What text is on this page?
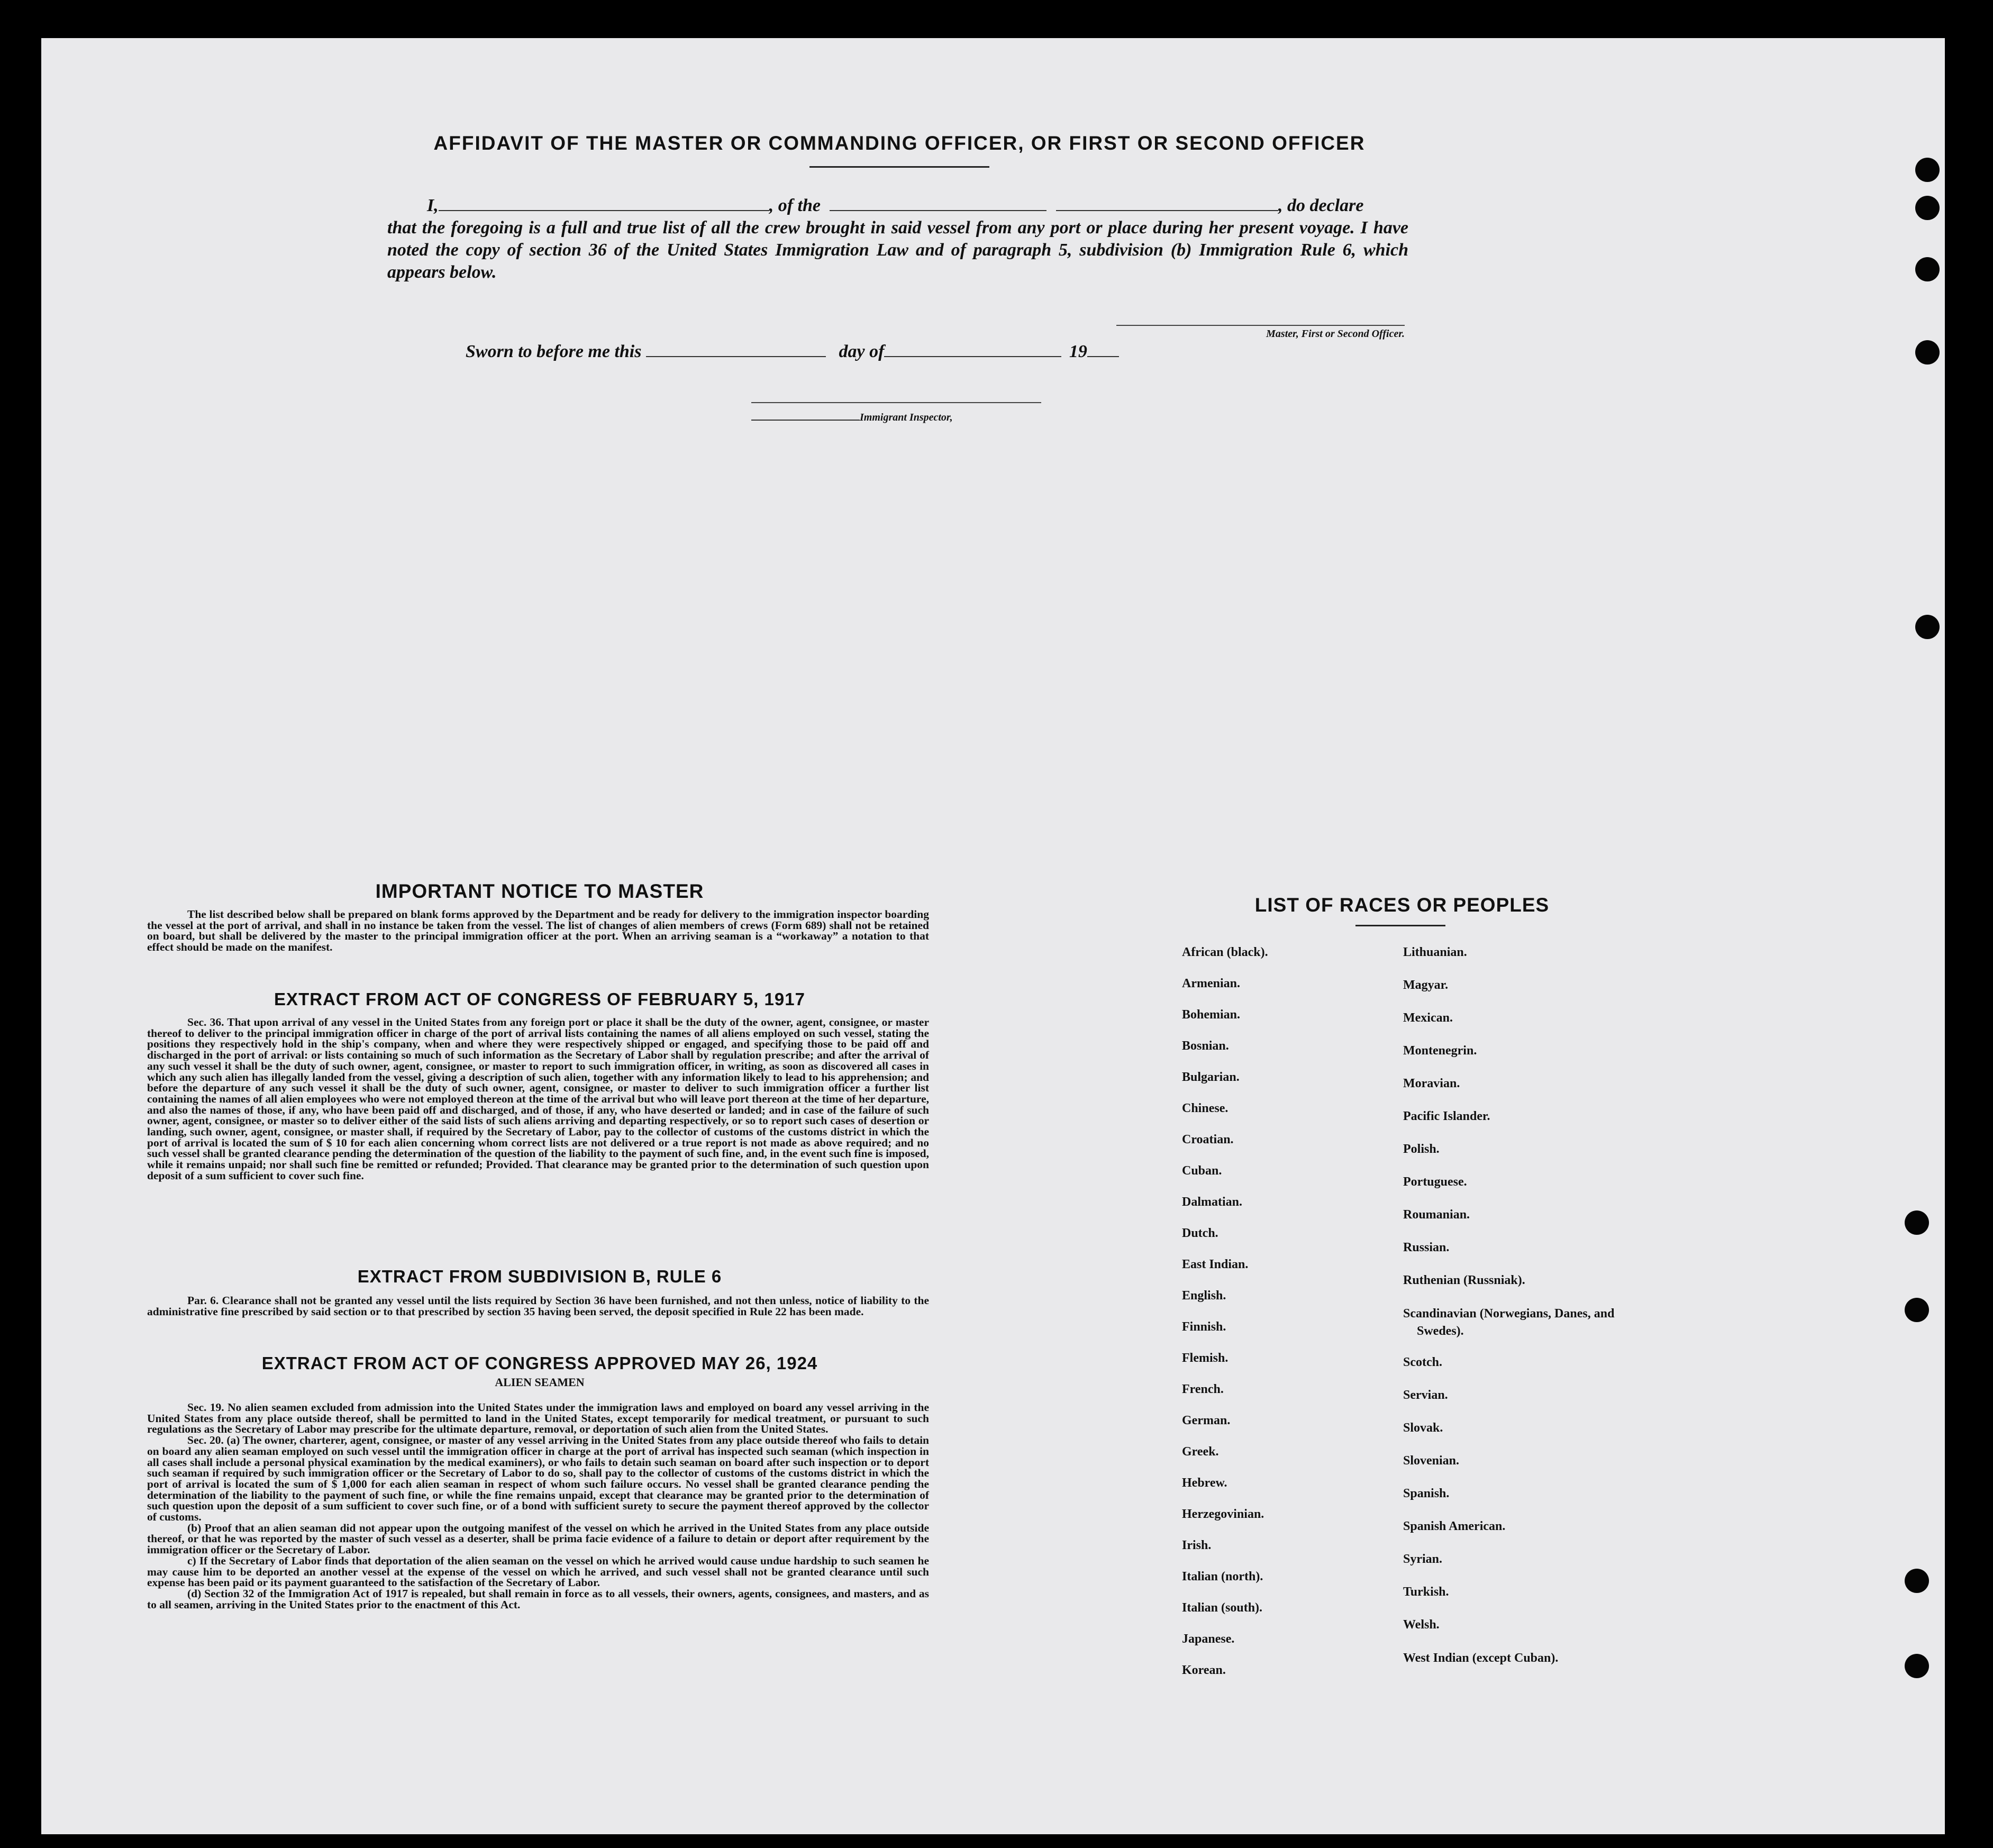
AFFIDAVIT OF THE MASTER OR COMMANDING OFFICER, OR FIRST OR SECOND OFFICER
I,	, of the	, do declare
that the foregoing is a full and true list of all the crew brought in said vessel from any port or place during her present voyage. I have noted the copy of section 36 of the United States Immigration Law and of paragraph 5, subdivision (b) Immigration Rule 6, which appears below.
Master, First or Second Officer.
Sworn to before me this	day of	19
Immigrant Inspector,
IMPORTANT NOTICE TO MASTER
The list described below shall be prepared on blank forms approved by the Department and be ready for delivery to the immigration inspector boarding the vessel at the port of arrival, and shall in no instance be taken from the vessel. The list of changes of alien members of crews (Form 689) shall not be retained on board, but shall be delivered by the master to the principal immigration officer at the port. When an arriving seaman is a “workaway” a notation to that effect should be made on the manifest.
EXTRACT FROM ACT OF CONGRESS OF FEBRUARY 5, 1917
Sec. 36. That upon arrival of any vessel in the United States from any foreign port or place it shall be the duty of the owner, agent, consignee, or master thereof to deliver to the principal immigration officer in charge of the port of arrival lists containing the names of all aliens employed on such vessel, stating the positions they respectively hold in the ship's company, when and where they were respectively shipped or engaged, and specifying those to be paid off and discharged in the port of arrival: or lists containing so much of such information as the Secretary of Labor shall by regulation prescribe; and after the arrival of any such vessel it shall be the duty of such owner, agent, consignee, or master to report to such immigration officer, in writing, as soon as discovered all cases in which any such alien has illegally landed from the vessel, giving a description of such alien, together with any information likely to lead to his apprehension; and before the departure of any such vessel it shall be the duty of such owner, agent, consignee, or master to deliver to such immigration officer a further list containing the names of all alien employees who were not employed thereon at the time of the arrival but who will leave port thereon at the time of her departure, and also the names of those, if any, who have been paid off and discharged, and of those, if any, who have deserted or landed; and in case of the failure of such owner, agent, consignee, or master so to deliver either of the said lists of such aliens arriving and departing respectively, or so to report such cases of desertion or landing, such owner, agent, consignee, or master shall, if required by the Secretary of Labor, pay to the collector of customs of the customs district in which the port of arrival is located the sum of $ 10 for each alien concerning whom correct lists are not delivered or a true report is not made as above required; and no such vessel shall be granted clearance pending the determination of the question of the liability to the payment of such fine, and, in the event such fine is imposed, while it remains unpaid; nor shall such fine be remitted or refunded; Provided. That clearance may be granted prior to the determination of such question upon deposit of a sum sufficient to cover such fine.
EXTRACT FROM SUBDIVISION B, RULE 6
Par. 6. Clearance shall not be granted any vessel until the lists required by Section 36 have been furnished, and not then unless, notice of liability to the administrative fine prescribed by said section or to that prescribed by section 35 having been served, the deposit specified in Rule 22 has been made.
EXTRACT FROM ACT OF CONGRESS APPROVED MAY 26, 1924
ALIEN SEAMEN

Sec. 19. No alien seamen excluded from admission into the United States under the immigration laws and employed on board any vessel arriving in the United States from any place outside thereof, shall be permitted to land in the United States, except temporarily for medical treatment, or pursuant to such regulations as the Secretary of Labor may prescribe for the ultimate departure, removal, or deportation of such alien from the United States.

Sec. 20. (a) The owner, charterer, agent, consignee, or master of any vessel arriving in the United States from any place outside thereof who fails to detain on board any alien seaman employed on such vessel until the immigration officer in charge at the port of arrival has inspected such seaman (which inspection in all cases shall include a personal physical examination by the medical examiners), or who fails to detain such seaman on board after such inspection or to deport such seaman if required by such immigration officer or the Secretary of Labor to do so, shall pay to the collector of customs of the customs district in which the port of arrival is located the sum of $ 1,000 for each alien seaman in respect of whom such failure occurs. No vessel shall be granted clearance pending the determination of the liability to the payment of such fine, or while the fine remains unpaid, except that clearance may be granted prior to the determination of such question upon the deposit of a sum sufficient to cover such fine, or of a bond with sufficient surety to secure the payment thereof approved by the collector of customs.

(b) Proof that an alien seaman did not appear upon the outgoing manifest of the vessel on which he arrived in the United States from any place outside thereof, or that he was reported by the master of such vessel as a deserter, shall be prima facie evidence of a failure to detain or deport after requirement by the immigration officer or the Secretary of Labor.

c) If the Secretary of Labor finds that deportation of the alien seaman on the vessel on which he arrived would cause undue hardship to such seamen he may cause him to be deported an another vessel at the expense of the vessel on which he arrived, and such vessel shall not be granted clearance until such expense has been paid or its payment guaranteed to the satisfaction of the Secretary of Labor.

(d) Section 32 of the Immigration Act of 1917 is repealed, but shall remain in force as to all vessels, their owners, agents, consignees, and masters, and as to all seamen, arriving in the United States prior to the enactment of this Act.

LIST OF RACES OR PEOPLES
African (black).
Armenian.
Bohemian.
Bosnian.
Bulgarian.
Chinese.
Croatian.
Cuban.
Dalmatian.
Dutch.
East Indian.
English.
Finnish.
Flemish.
French.
German.
Greek.
Hebrew.
Herzegovinian.
Irish.
Italian (north).
Italian (south).
Japanese.
Korean.
Lithuanian.
Magyar.
Mexican.
Montenegrin.
Moravian.
Pacific Islander.
Polish.
Portuguese.
Roumanian.
Russian.
Ruthenian (Russniak).
Scandinavian (Norwegians, Danes, and Swedes).
Scotch.
Servian.
Slovak.
Slovenian.
Spanish.
Spanish American.
Syrian.
Turkish.
Welsh.
West Indian (except Cuban).
